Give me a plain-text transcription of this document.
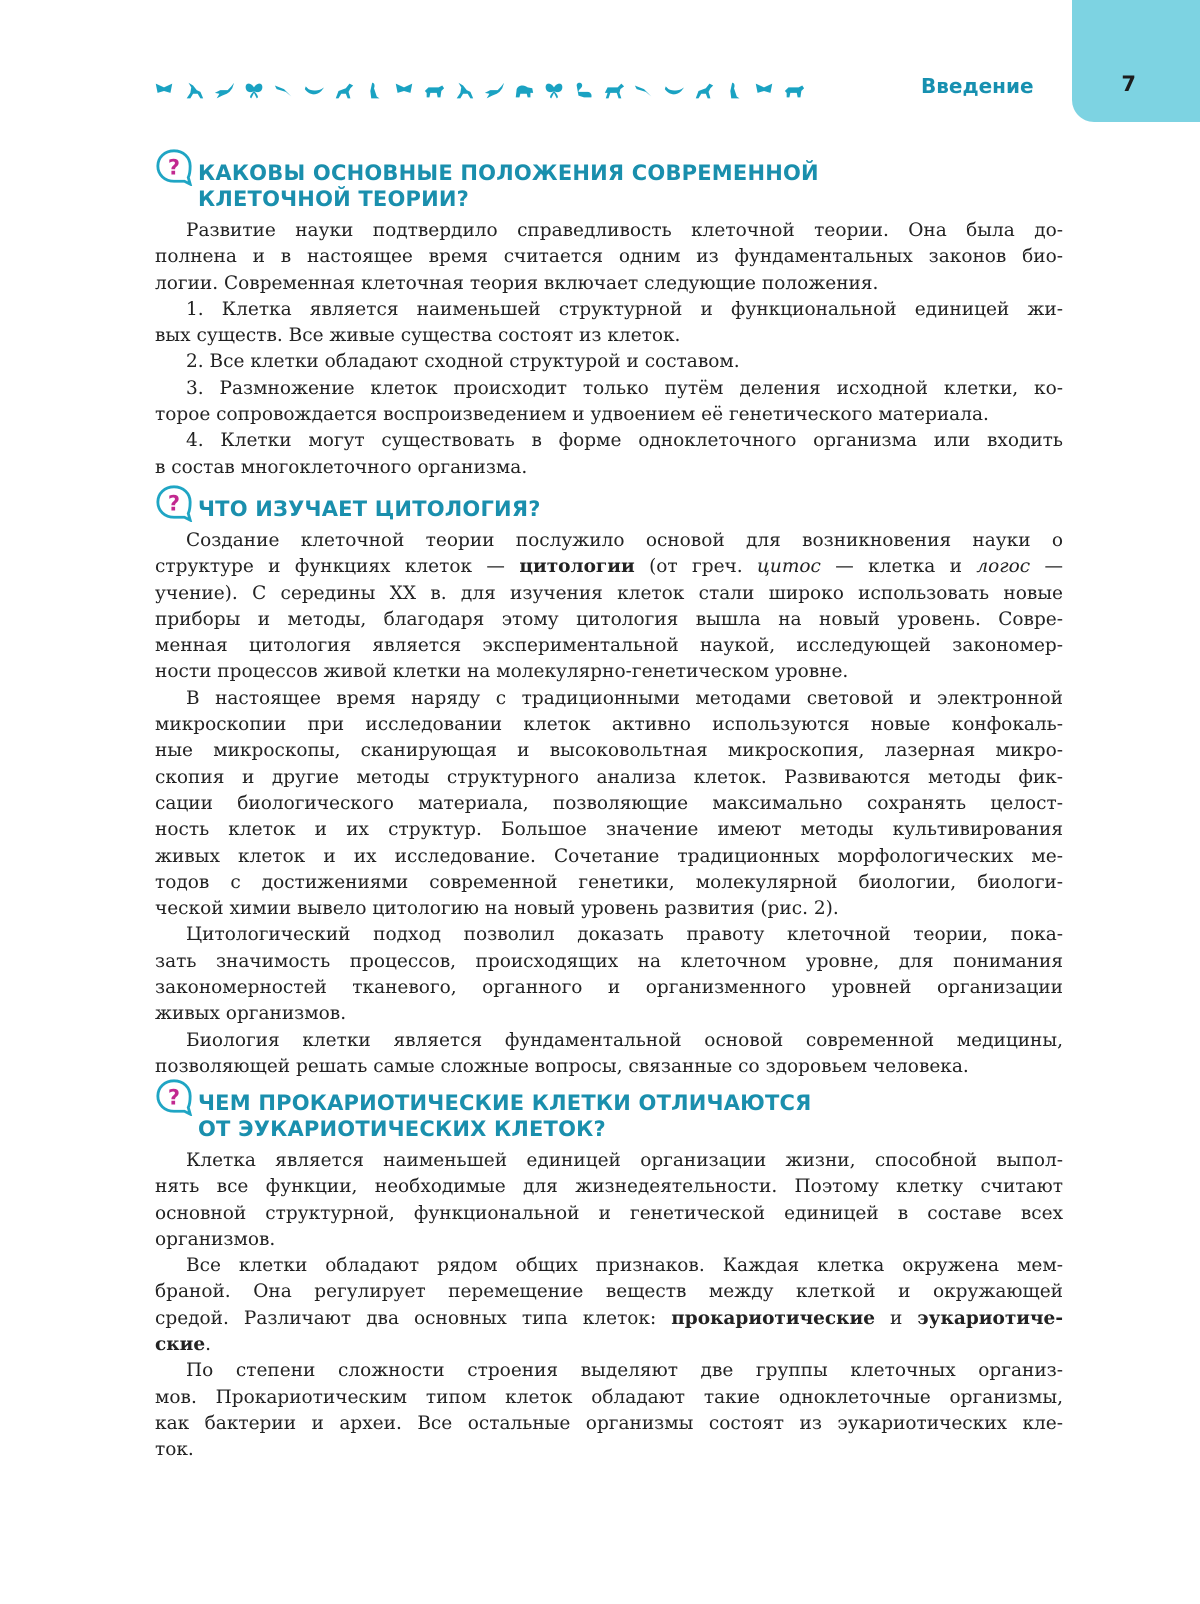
Введение	7
? КАКОВЫ ОСНОВНЫЕ ПОЛОЖЕНИЯ СОВРЕМЕННОЙ
КЛЕТОЧНОЙ ТЕОРИИ?
Развитие науки подтвердило справедливость клеточной теории. Она была до-
полнена и в настоящее время считается одним из фундаментальных законов био-
логии. Современная клеточная теория включает следующие положения.
1. Клетка является наименьшей структурной и функциональной единицей жи-
вых существ. Все живые существа состоят из клеток.
2. Все клетки обладают сходной структурой и составом.
3. Размножение клеток происходит только путём деления исходной клетки, ко-
торое сопровождается воспроизведением и удвоением её генетического материала.
4. Клетки могут существовать в форме одноклеточного организма или входить
в состав многоклеточного организма.
? ЧТО ИЗУЧАЕТ ЦИТОЛОГИЯ?
Создание клеточной теории послужило основой для возникновения науки о
структуре и функциях клеток — цитологии (от греч. цитос — клетка и логос —
учение). С середины XX в. для изучения клеток стали широко использовать новые
приборы и методы, благодаря этому цитология вышла на новый уровень. Совре-
менная цитология является экспериментальной наукой, исследующей закономер-
ности процессов живой клетки на молекулярно-генетическом уровне.
В настоящее время наряду с традиционными методами световой и электронной
микроскопии при исследовании клеток активно используются новые конфокаль-
ные микроскопы, сканирующая и высоковольтная микроскопия, лазерная микро-
скопия и другие методы структурного анализа клеток. Развиваются методы фик-
сации биологического материала, позволяющие максимально сохранять целост-
ность клеток и их структур. Большое значение имеют методы культивирования
живых клеток и их исследование. Сочетание традиционных морфологических ме-
тодов с достижениями современной генетики, молекулярной биологии, биологи-
ческой химии вывело цитологию на новый уровень развития (рис. 2).
Цитологический подход позволил доказать правоту клеточной теории, пока-
зать значимость процессов, происходящих на клеточном уровне, для понимания
закономерностей тканевого, органного и организменного уровней организации
живых организмов.
Биология клетки является фундаментальной основой современной медицины,
позволяющей решать самые сложные вопросы, связанные со здоровьем человека.
? ЧЕМ ПРОКАРИОТИЧЕСКИЕ КЛЕТКИ ОТЛИЧАЮТСЯ
ОТ ЭУКАРИОТИЧЕСКИХ КЛЕТОК?
Клетка является наименьшей единицей организации жизни, способной выпол-
нять все функции, необходимые для жизнедеятельности. Поэтому клетку считают
основной структурной, функциональной и генетической единицей в составе всех
организмов.
Все клетки обладают рядом общих признаков. Каждая клетка окружена мем-
браной. Она регулирует перемещение веществ между клеткой и окружающей
средой. Различают два основных типа клеток: прокариотические и эукариотиче-
ские.
По степени сложности строения выделяют две группы клеточных организ-
мов. Прокариотическим типом клеток обладают такие одноклеточные организмы,
как бактерии и археи. Все остальные организмы состоят из эукариотических кле-
ток.
